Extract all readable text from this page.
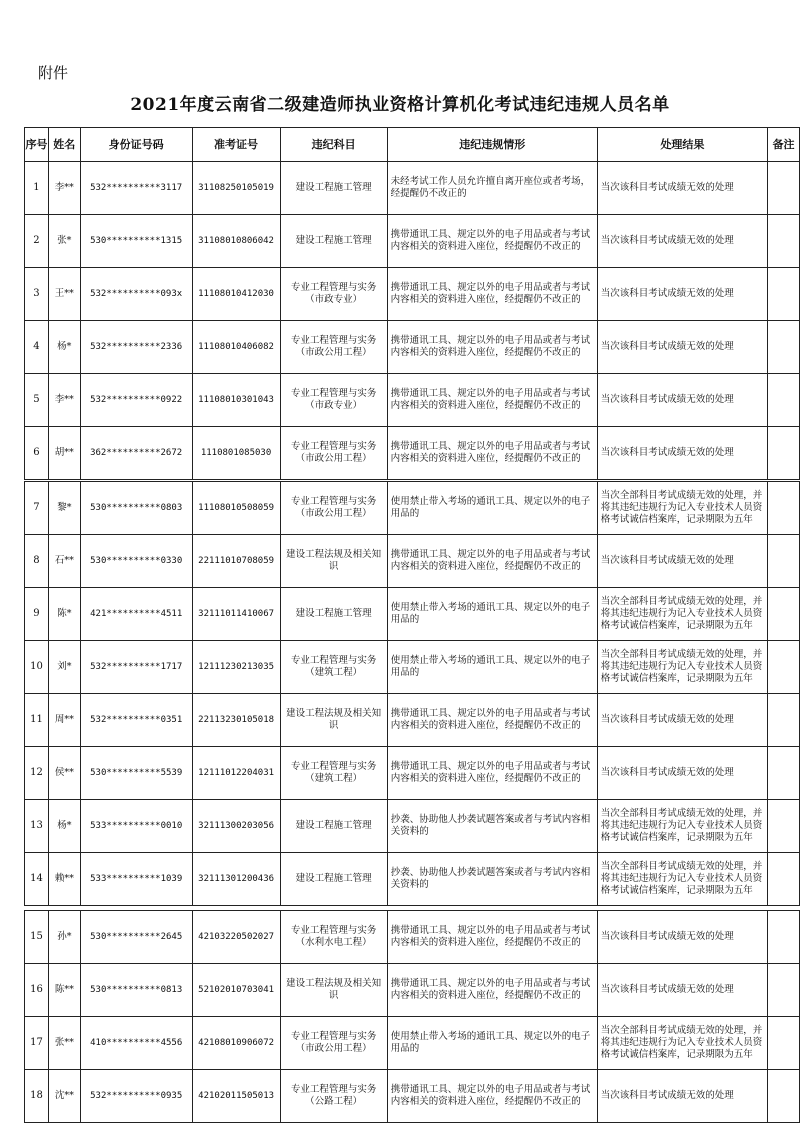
附件
2021年度云南省二级建造师执业资格计算机化考试违纪违规人员名单
序号	姓名	身份证号码	准考证号	违纪科目	违纪违规情形	处理结果	备注
1	李**	532**********3117	31108250105019	建设工程施工管理	未经考试工作人员允许擅自离开座位或者考场，经提醒仍不改正的	当次该科目考试成绩无效的处理	
2	张*	530**********1315	31108010806042	建设工程施工管理	携带通讯工具、规定以外的电子用品或者与考试内容相关的资料进入座位，经提醒仍不改正的	当次该科目考试成绩无效的处理	
3	王**	532**********093x	11108010412030	专业工程管理与实务（市政专业）	携带通讯工具、规定以外的电子用品或者与考试内容相关的资料进入座位，经提醒仍不改正的	当次该科目考试成绩无效的处理	
4	杨*	532**********2336	11108010406082	专业工程管理与实务（市政公用工程）	携带通讯工具、规定以外的电子用品或者与考试内容相关的资料进入座位，经提醒仍不改正的	当次该科目考试成绩无效的处理	
5	李**	532**********0922	11108010301043	专业工程管理与实务（市政专业）	携带通讯工具、规定以外的电子用品或者与考试内容相关的资料进入座位，经提醒仍不改正的	当次该科目考试成绩无效的处理	
6	胡**	362**********2672	1110801085030	专业工程管理与实务（市政公用工程）	携带通讯工具、规定以外的电子用品或者与考试内容相关的资料进入座位，经提醒仍不改正的	当次该科目考试成绩无效的处理	
7	黎*	530**********0803	11108010508059	专业工程管理与实务（市政公用工程）	使用禁止带入考场的通讯工具、规定以外的电子用品的	当次全部科目考试成绩无效的处理，并将其违纪违规行为记入专业技术人员资格考试诚信档案库，记录期限为五年	
8	石**	530**********0330	22111010708059	建设工程法规及相关知识	携带通讯工具、规定以外的电子用品或者与考试内容相关的资料进入座位，经提醒仍不改正的	当次该科目考试成绩无效的处理	
9	陈*	421**********4511	32111011410067	建设工程施工管理	使用禁止带入考场的通讯工具、规定以外的电子用品的	当次全部科目考试成绩无效的处理，并将其违纪违规行为记入专业技术人员资格考试诚信档案库，记录期限为五年	
10	刘*	532**********1717	12111230213035	专业工程管理与实务（建筑工程）	使用禁止带入考场的通讯工具、规定以外的电子用品的	当次全部科目考试成绩无效的处理，并将其违纪违规行为记入专业技术人员资格考试诚信档案库，记录期限为五年	
11	周**	532**********0351	22113230105018	建设工程法规及相关知识	携带通讯工具、规定以外的电子用品或者与考试内容相关的资料进入座位，经提醒仍不改正的	当次该科目考试成绩无效的处理	
12	侯**	530**********5539	12111012204031	专业工程管理与实务（建筑工程）	携带通讯工具、规定以外的电子用品或者与考试内容相关的资料进入座位，经提醒仍不改正的	当次该科目考试成绩无效的处理	
13	杨*	533**********0010	32111300203056	建设工程施工管理	抄袭、协助他人抄袭试题答案或者与考试内容相关资料的	当次全部科目考试成绩无效的处理，并将其违纪违规行为记入专业技术人员资格考试诚信档案库，记录期限为五年	
14	赖**	533**********1039	32111301200436	建设工程施工管理	抄袭、协助他人抄袭试题答案或者与考试内容相关资料的	当次全部科目考试成绩无效的处理，并将其违纪违规行为记入专业技术人员资格考试诚信档案库，记录期限为五年	
15	孙*	530**********2645	42103220502027	专业工程管理与实务（水利水电工程）	携带通讯工具、规定以外的电子用品或者与考试内容相关的资料进入座位，经提醒仍不改正的	当次该科目考试成绩无效的处理	
16	陈**	530**********0813	52102010703041	建设工程法规及相关知识	携带通讯工具、规定以外的电子用品或者与考试内容相关的资料进入座位，经提醒仍不改正的	当次该科目考试成绩无效的处理	
17	张**	410**********4556	42108010906072	专业工程管理与实务（市政公用工程）	使用禁止带入考场的通讯工具、规定以外的电子用品的	当次全部科目考试成绩无效的处理，并将其违纪违规行为记入专业技术人员资格考试诚信档案库，记录期限为五年	
18	沈**	532**********0935	42102011505013	专业工程管理与实务（公路工程）	携带通讯工具、规定以外的电子用品或者与考试内容相关的资料进入座位，经提醒仍不改正的	当次该科目考试成绩无效的处理	
